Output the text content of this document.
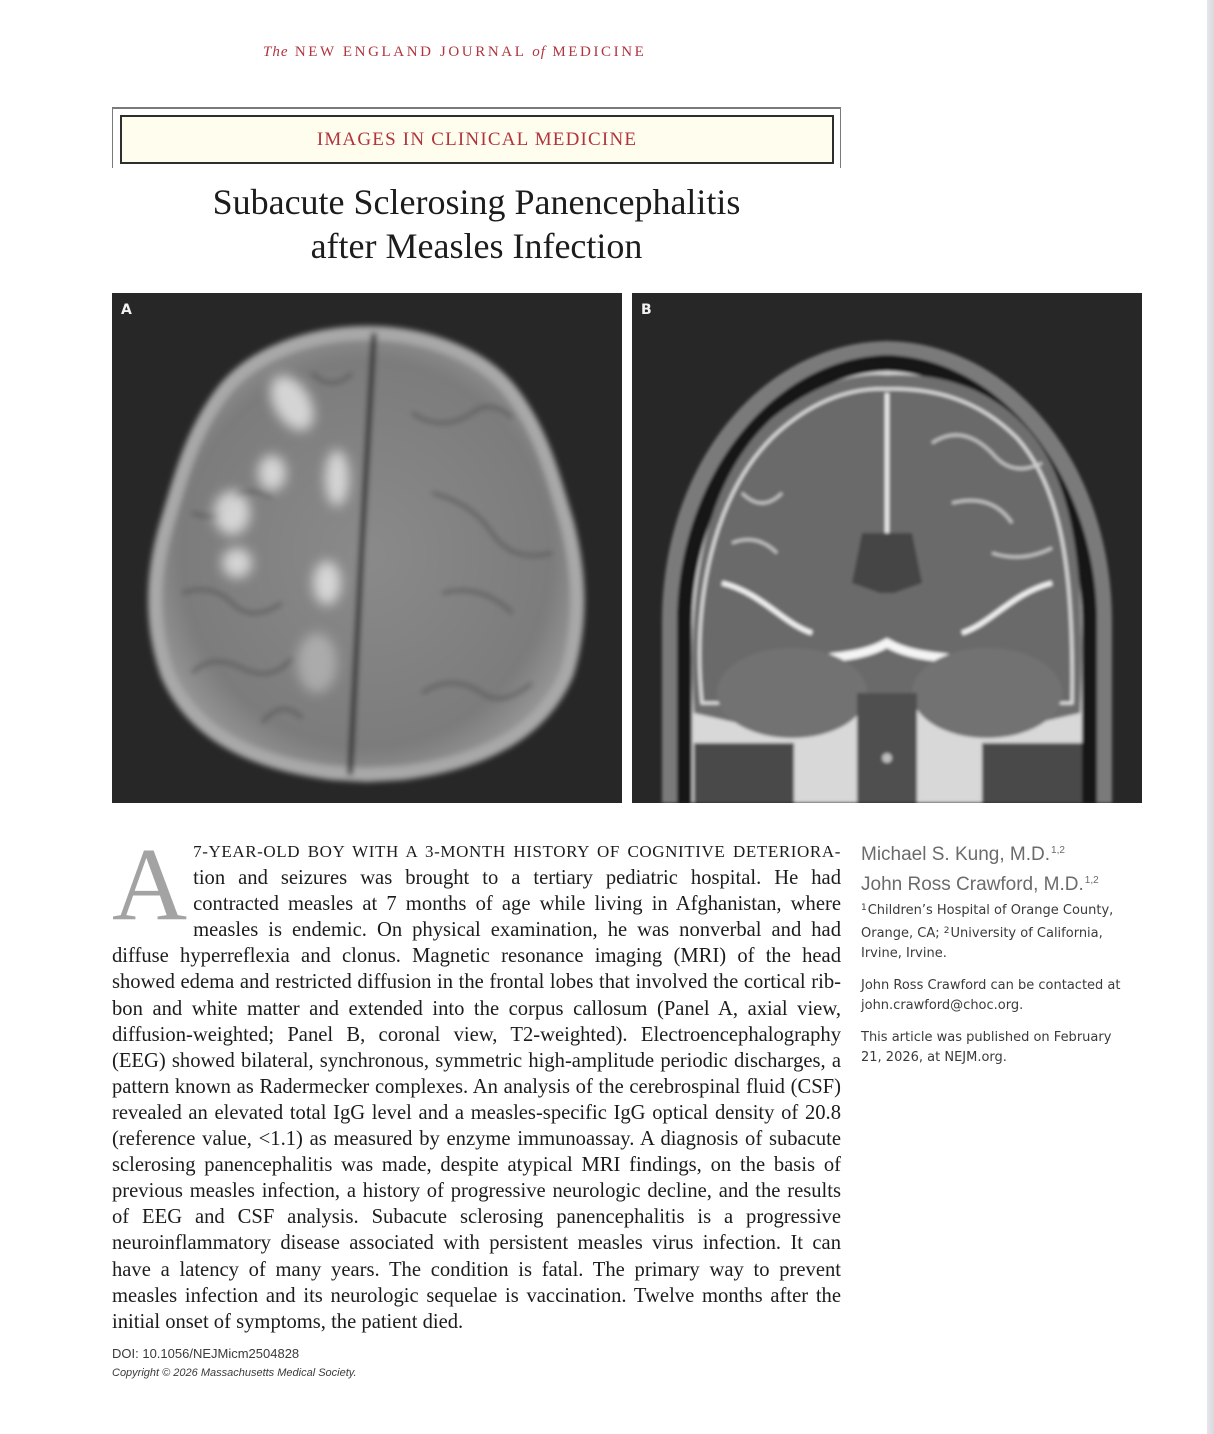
The NEW ENGLAND JOURNAL of MEDICINE
IMAGES IN CLINICAL MEDICINE
Subacute Sclerosing Panencephalitis
after Measles Infection
A	B
A 7-YEAR-OLD BOY WITH A 3-MONTH HISTORY OF COGNITIVE DETERIORA- tion and seizures was brought to a tertiary pediatric hospital. He had contracted measles at 7 months of age while living in Afghanistan, where measles is endemic. On physical examination, he was nonverbal and had diffuse hyperreflexia and clonus. Magnetic resonance imaging (MRI) of the head showed edema and restricted diffusion in the frontal lobes that involved the cortical ribbon and white matter and extended into the corpus callosum (Panel A, axial view, diffusion-weighted; Panel B, coronal view, T2-weighted). Electroencephalography (EEG) showed bilateral, synchronous, symmetric high-amplitude periodic discharges, a pattern known as Radermecker complexes. An analysis of the cerebrospinal fluid (CSF) revealed an elevated total IgG level and a measles-specific IgG optical density of 20.8 (reference value, <1.1) as measured by enzyme immunoassay. A diagnosis of subacute sclerosing panencephalitis was made, despite atypical MRI findings, on the basis of previous measles infection, a history of progressive neurologic decline, and the results of EEG and CSF analysis. Subacute sclerosing panencephalitis is a progressive neuroinflammatory disease associated with persistent measles virus infection. It can have a latency of many years. The condition is fatal. The primary way to prevent measles infection and its neurologic sequelae is vaccination. Twelve months after the initial onset of symptoms, the patient died.
DOI: 10.1056/NEJMicm2504828
Copyright © 2026 Massachusetts Medical Society.
Michael S. Kung, M.D.$^{1,2}$
John Ross Crawford, M.D.$^{1,2}$
$^1$Children’s Hospital of Orange County, Orange, CA; $^2$University of California, Irvine, Irvine.
John Ross Crawford can be contacted at john.crawford@choc.org.
This article was published on February 21, 2026, at NEJM.org.
